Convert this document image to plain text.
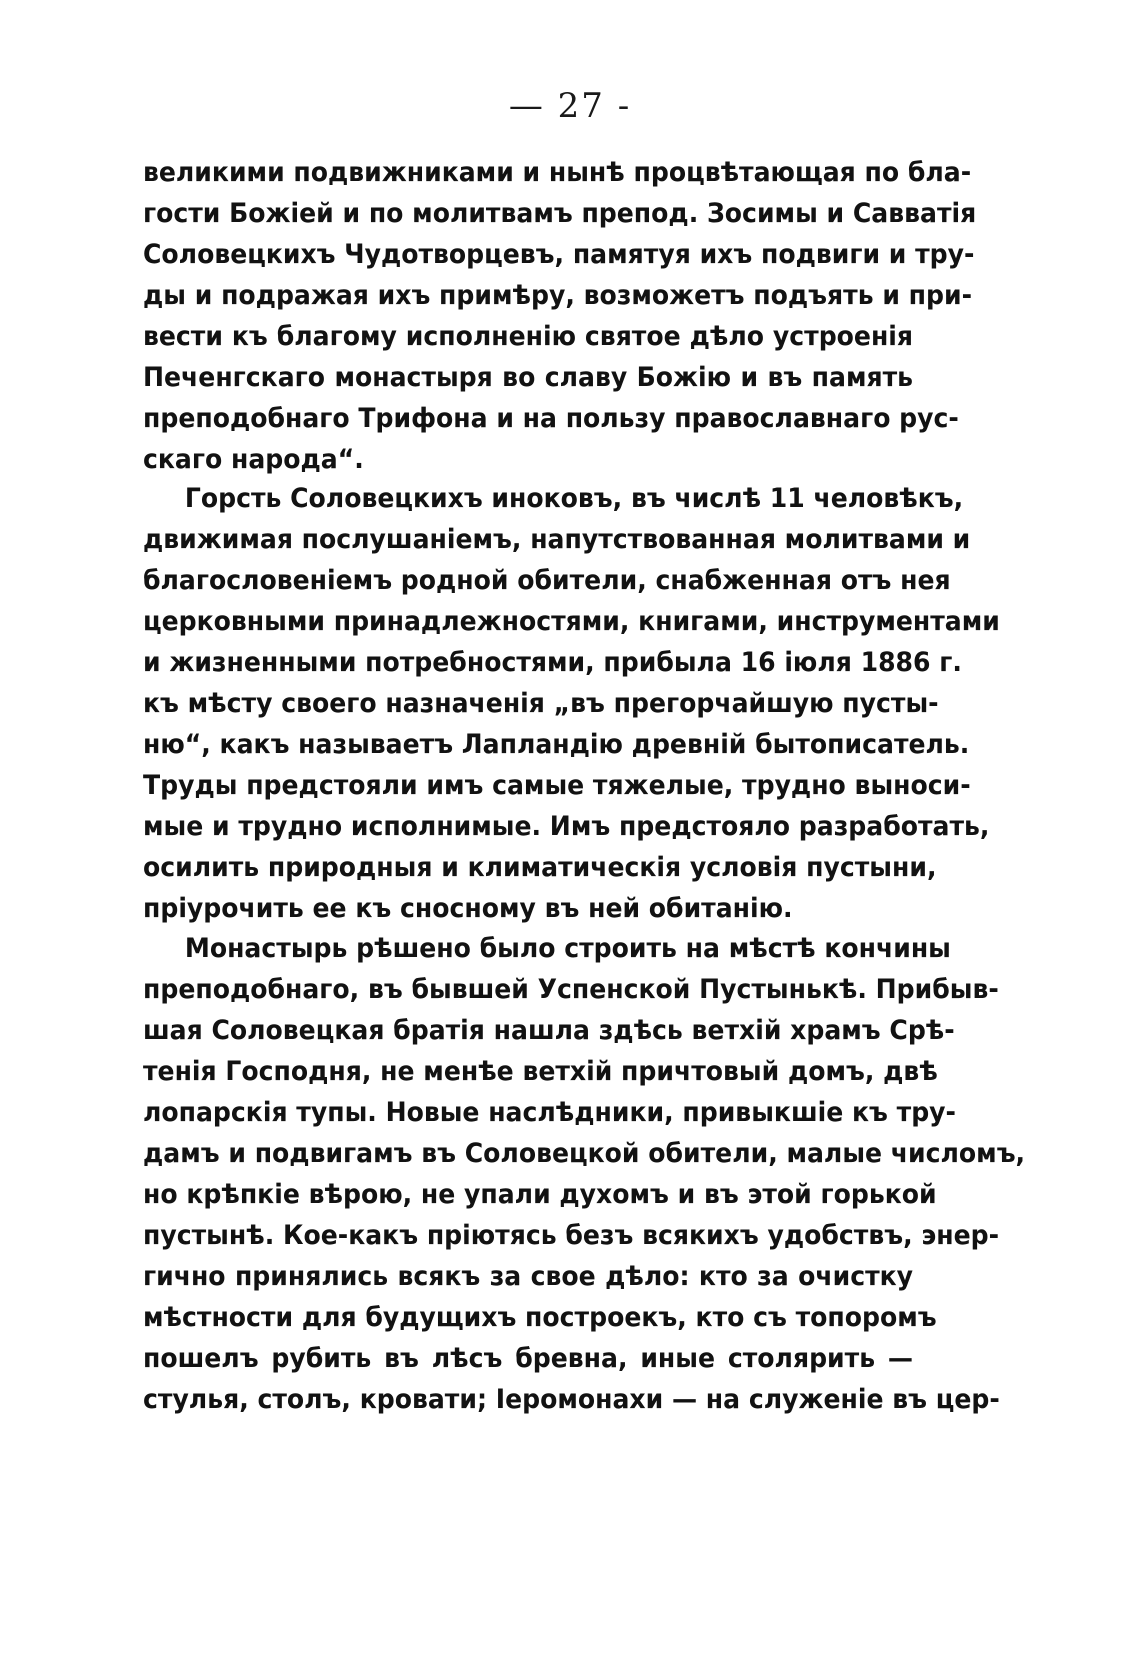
— 27 -
великими подвижниками и нынѣ процвѣтающая по бла-
гости Божіей и по молитвамъ препод. Зосимы и Савватія
Соловецкихъ Чудотворцевъ, памятуя ихъ подвиги и тру-
ды и подражая ихъ примѣру, возможетъ подъять и при-
вести къ благому исполненію святое дѣло устроенія
Печенгскаго монастыря во славу Божію и въ память
преподобнаго Трифона и на пользу православнаго рус-
скаго народа“.
Горсть Соловецкихъ иноковъ, въ числѣ 11 человѣкъ,
движимая послушаніемъ, напутствованная молитвами и
благословеніемъ родной обители, снабженная отъ нея
церковными принадлежностями, книгами, инструментами
и жизненными потребностями, прибыла 16 іюля 1886 г.
къ мѣсту своего назначенія „въ прегорчайшую пусты-
ню“, какъ называетъ Лапландію древній бытописатель.
Труды предстояли имъ самые тяжелые, трудно выноси-
мые и трудно исполнимые. Имъ предстояло разработать,
осилить природныя и климатическія условія пустыни,
пріурочить ее къ сносному въ ней обитанію.
Монастырь рѣшено было строить на мѣстѣ кончины
преподобнаго, въ бывшей Успенской Пустынькѣ. Прибыв-
шая Соловецкая братія нашла здѣсь ветхій храмъ Срѣ-
тенія Господня, не менѣе ветхій причтовый домъ, двѣ
лопарскія тупы. Новые наслѣдники, привыкшіе къ тру-
дамъ и подвигамъ въ Соловецкой обители, малые числомъ,
но крѣпкіе вѣрою, не упали духомъ и въ этой горькой
пустынѣ. Кое-какъ пріютясь безъ всякихъ удобствъ, энер-
гично принялись всякъ за свое дѣло: кто за очистку
мѣстности для будущихъ построекъ, кто съ топоромъ
пошелъ рубить въ лѣсъ бревна, иные столярить —
стулья, столъ, кровати; Іеромонахи — на служеніе въ цер-
